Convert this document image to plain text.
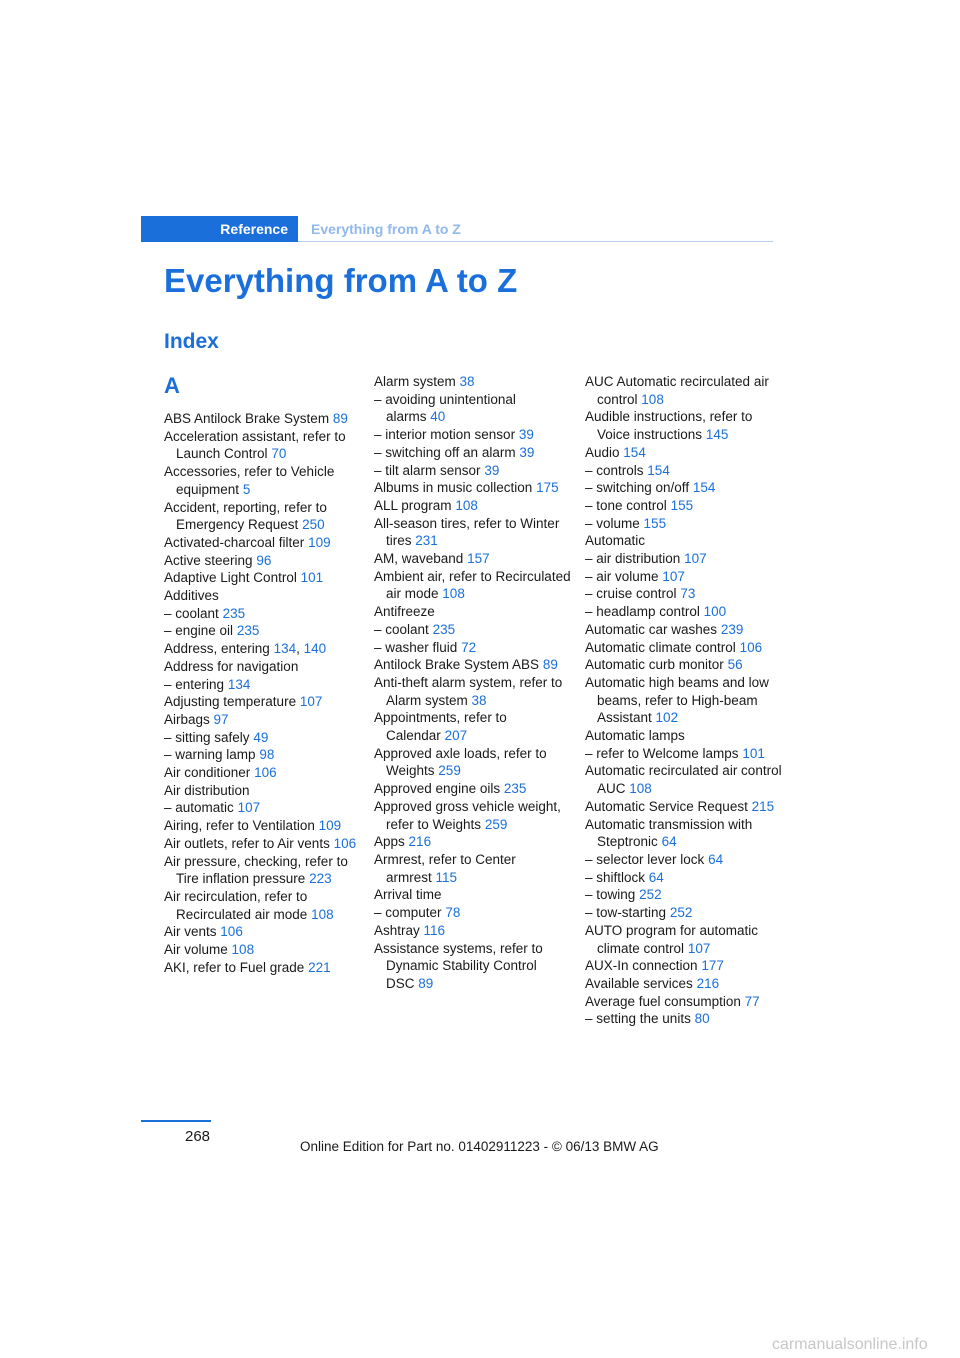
Reference Everything from A to Z
Everything from A to Z
Index
A
ABS Antilock Brake System 89
Acceleration assistant, refer to Launch Control 70
Accessories, refer to Vehicle equipment 5
Accident, reporting, refer to Emergency Request 250
Activated-charcoal filter 109
Active steering 96
Adaptive Light Control 101
Additives
– coolant 235
– engine oil 235
Address, entering 134, 140
Address for navigation
– entering 134
Adjusting temperature 107
Airbags 97
– sitting safely 49
– warning lamp 98
Air conditioner 106
Air distribution
– automatic 107
Airing, refer to Ventilation 109
Air outlets, refer to Air vents 106
Air pressure, checking, refer to Tire inflation pressure 223
Air recirculation, refer to Recirculated air mode 108
Air vents 106
Air volume 108
AKI, refer to Fuel grade 221
Alarm system 38
– avoiding unintentional alarms 40
– interior motion sensor 39
– switching off an alarm 39
– tilt alarm sensor 39
Albums in music collection 175
ALL program 108
All-season tires, refer to Winter tires 231
AM, waveband 157
Ambient air, refer to Recirculated air mode 108
Antifreeze
– coolant 235
– washer fluid 72
Antilock Brake System ABS 89
Anti-theft alarm system, refer to Alarm system 38
Appointments, refer to Calendar 207
Approved axle loads, refer to Weights 259
Approved engine oils 235
Approved gross vehicle weight, refer to Weights 259
Apps 216
Armrest, refer to Center armrest 115
Arrival time
– computer 78
Ashtray 116
Assistance systems, refer to Dynamic Stability Control DSC 89
AUC Automatic recirculated air control 108
Audible instructions, refer to Voice instructions 145
Audio 154
– controls 154
– switching on/off 154
– tone control 155
– volume 155
Automatic
– air distribution 107
– air volume 107
– cruise control 73
– headlamp control 100
Automatic car washes 239
Automatic climate control 106
Automatic curb monitor 56
Automatic high beams and low beams, refer to High-beam Assistant 102
Automatic lamps
– refer to Welcome lamps 101
Automatic recirculated air control AUC 108
Automatic Service Request 215
Automatic transmission with Steptronic 64
– selector lever lock 64
– shiftlock 64
– towing 252
– tow-starting 252
AUTO program for automatic climate control 107
AUX-In connection 177
Available services 216
Average fuel consumption 77
– setting the units 80
268
Online Edition for Part no. 01402911223 - © 06/13 BMW AG
carmanualsonline.info
